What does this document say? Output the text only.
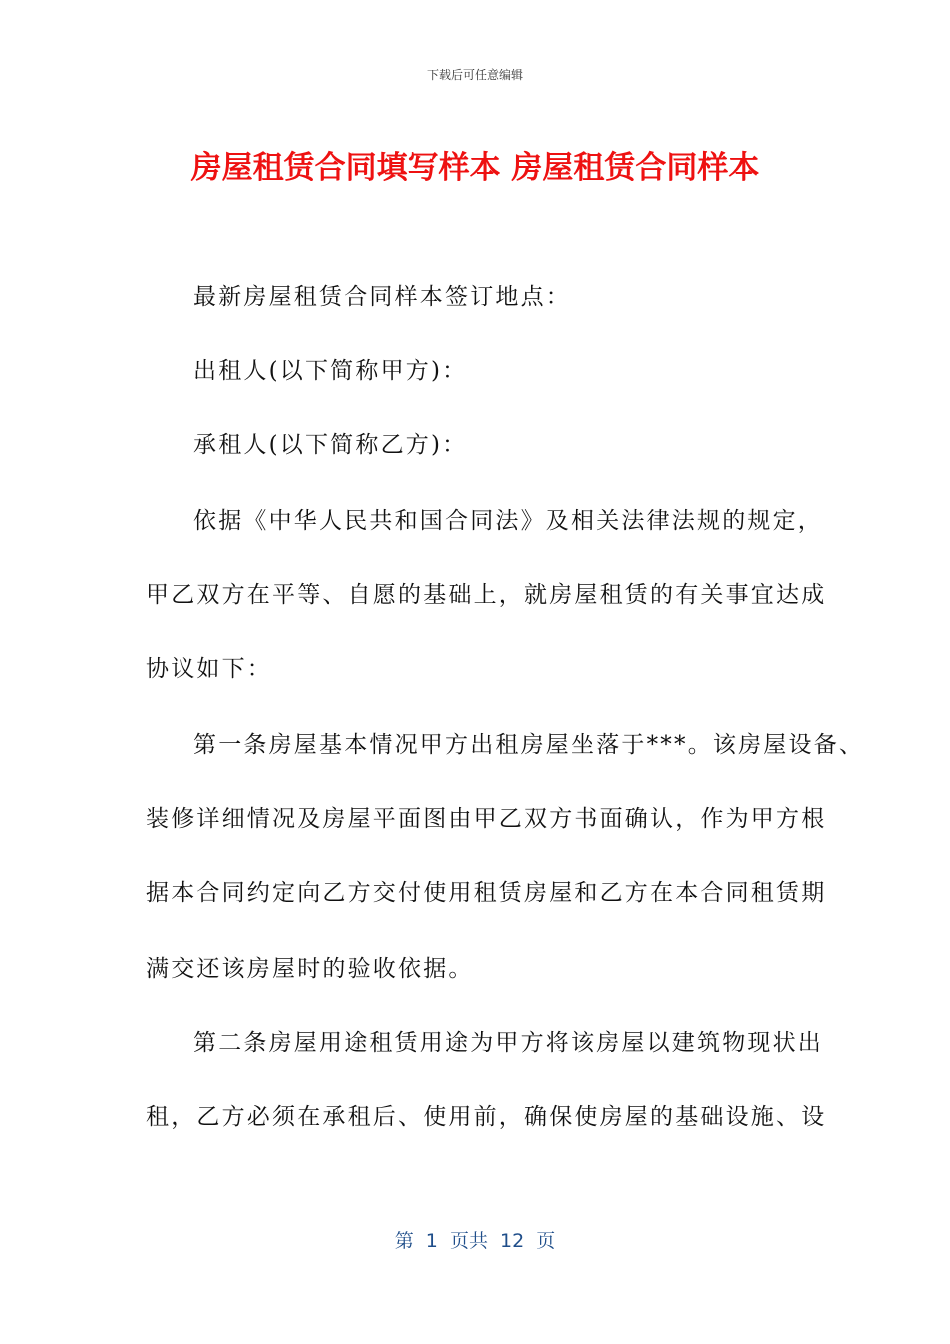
下载后可任意编辑
房屋租赁合同填写样本 房屋租赁合同样本
最新房屋租赁合同样本签订地点：
出租人(以下简称甲方)：
承租人(以下简称乙方)：
依据《中华人民共和国合同法》及相关法律法规的规定，
甲乙双方在平等、自愿的基础上，就房屋租赁的有关事宜达成
协议如下：
第一条房屋基本情况甲方出租房屋坐落于***。该房屋设备、
装修详细情况及房屋平面图由甲乙双方书面确认，作为甲方根
据本合同约定向乙方交付使用租赁房屋和乙方在本合同租赁期
满交还该房屋时的验收依据。
第二条房屋用途租赁用途为甲方将该房屋以建筑物现状出
租，乙方必须在承租后、使用前，确保使房屋的基础设施、设
第  1  页共  12  页
